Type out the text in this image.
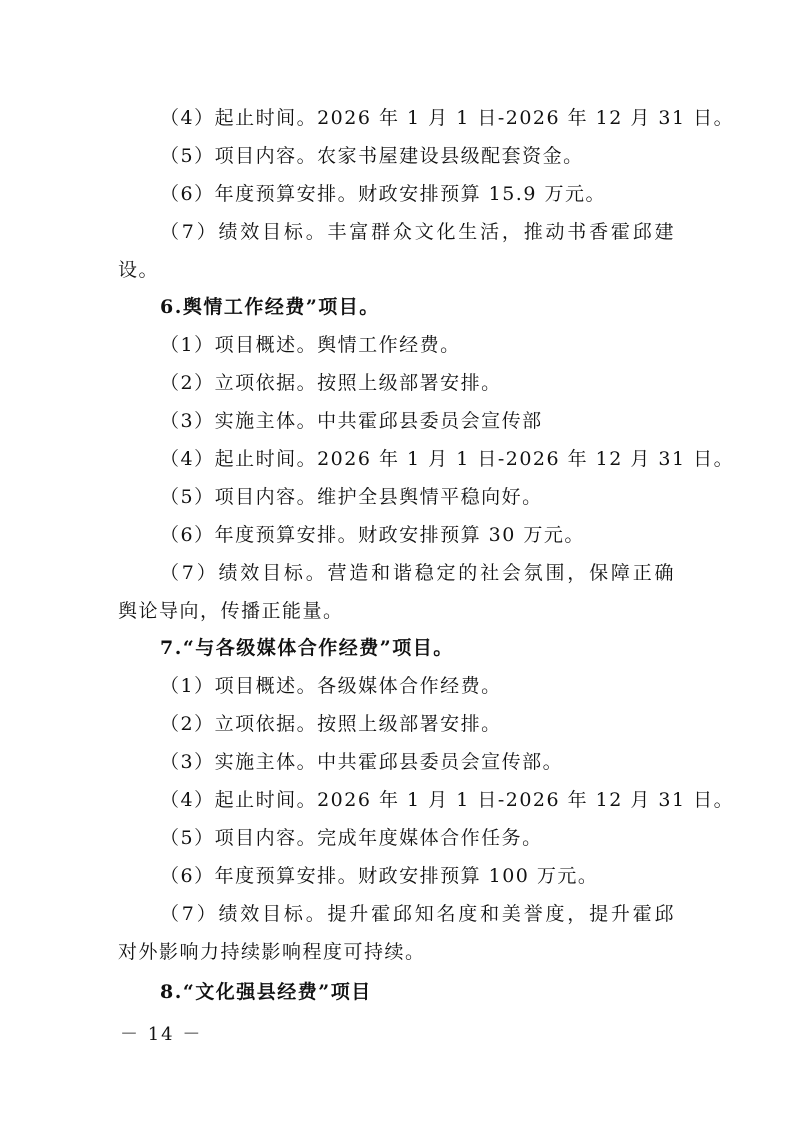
（4）起止时间。2026 年 1 月 1 日-2026 年 12 月 31 日。
（5）项目内容。农家书屋建设县级配套资金。
（6）年度预算安排。财政安排预算 15.9 万元。
（7）绩效目标。丰富群众文化生活，推动书香霍邱建
设。
6.舆情工作经费”项目。
（1）项目概述。舆情工作经费。
（2）立项依据。按照上级部署安排。
（3）实施主体。中共霍邱县委员会宣传部
（4）起止时间。2026 年 1 月 1 日-2026 年 12 月 31 日。
（5）项目内容。维护全县舆情平稳向好。
（6）年度预算安排。财政安排预算 30 万元。
（7）绩效目标。营造和谐稳定的社会氛围，保障正确
舆论导向，传播正能量。
7.“与各级媒体合作经费”项目。
（1）项目概述。各级媒体合作经费。
（2）立项依据。按照上级部署安排。
（3）实施主体。中共霍邱县委员会宣传部。
（4）起止时间。2026 年 1 月 1 日-2026 年 12 月 31 日。
（5）项目内容。完成年度媒体合作任务。
（6）年度预算安排。财政安排预算 100 万元。
（7）绩效目标。提升霍邱知名度和美誉度，提升霍邱
对外影响力持续影响程度可持续。
8.“文化强县经费”项目
－ 14 －
